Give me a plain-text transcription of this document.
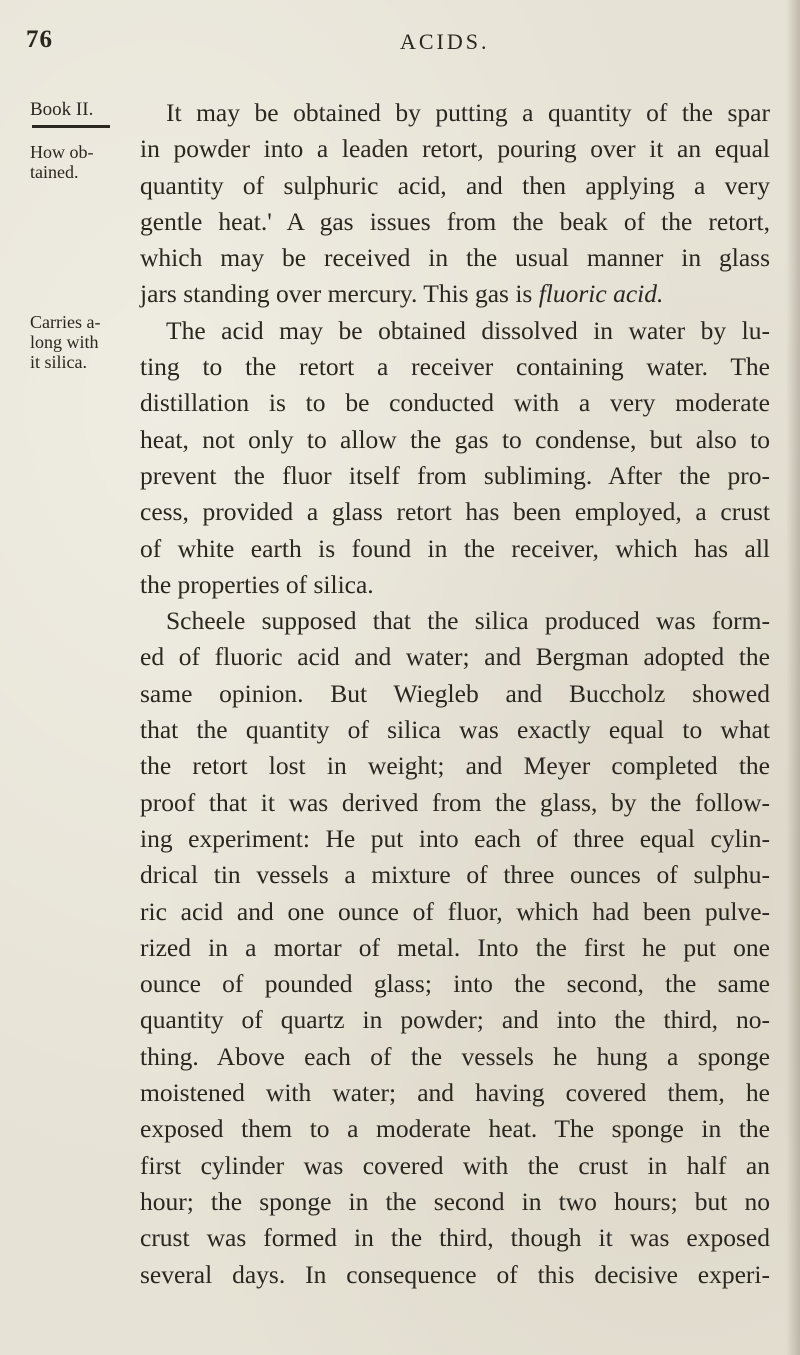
76	ACIDS.
Book II.
How ob-
tained.
Carries a-
long with
it silica.

It may be obtained by putting a quantity of the spar

in powder into a leaden retort, pouring over it an equal

quantity of sulphuric acid, and then applying a very

gentle heat.' A gas issues from the beak of the retort,

which may be received in the usual manner in glass

jars standing over mercury. This gas is fluoric acid.

The acid may be obtained dissolved in water by lu-

ting to the retort a receiver containing water. The

distillation is to be conducted with a very moderate

heat, not only to allow the gas to condense, but also to

prevent the fluor itself from subliming. After the pro-

cess, provided a glass retort has been employed, a crust

of white earth is found in the receiver, which has all

the properties of silica.

Scheele supposed that the silica produced was form-

ed of fluoric acid and water; and Bergman adopted the

same opinion. But Wiegleb and Buccholz showed

that the quantity of silica was exactly equal to what

the retort lost in weight; and Meyer completed the

proof that it was derived from the glass, by the follow-

ing experiment: He put into each of three equal cylin-

drical tin vessels a mixture of three ounces of sulphu-

ric acid and one ounce of fluor, which had been pulve-

rized in a mortar of metal. Into the first he put one

ounce of pounded glass; into the second, the same

quantity of quartz in powder; and into the third, no-

thing. Above each of the vessels he hung a sponge

moistened with water; and having covered them, he

exposed them to a moderate heat. The sponge in the

first cylinder was covered with the crust in half an

hour; the sponge in the second in two hours; but no

crust was formed in the third, though it was exposed

several days. In consequence of this decisive experi-
